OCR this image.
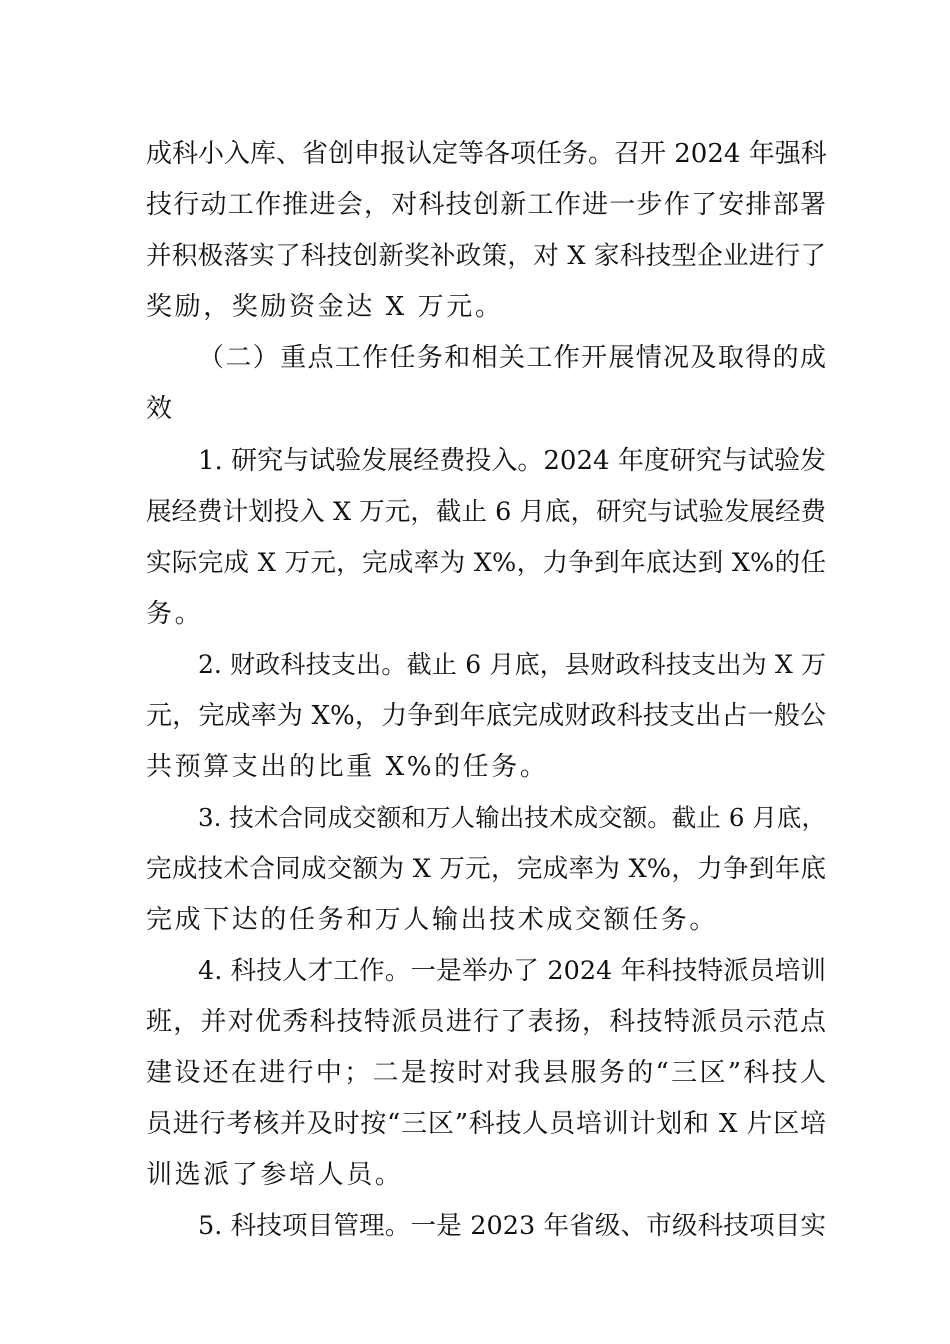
成科小入库、省创申报认定等各项任务。召开 2024 年强科
技行动工作推进会，对科技创新工作进一步作了安排部署
并积极落实了科技创新奖补政策，对 X 家科技型企业进行了
奖励，奖励资金达 X 万元。
（二）重点工作任务和相关工作开展情况及取得的成
效
1. 研究与试验发展经费投入。2024 年度研究与试验发
展经费计划投入 X 万元，截止 6 月底，研究与试验发展经费
实际完成 X 万元，完成率为 X%，力争到年底达到 X%的任
务。
2. 财政科技支出。截止 6 月底，县财政科技支出为 X 万
元，完成率为 X%，力争到年底完成财政科技支出占一般公
共预算支出的比重 X%的任务。
3. 技术合同成交额和万人输出技术成交额。截止 6 月底，
完成技术合同成交额为 X 万元，完成率为 X%，力争到年底
完成下达的任务和万人输出技术成交额任务。
4. 科技人才工作。一是举办了 2024 年科技特派员培训
班，并对优秀科技特派员进行了表扬，科技特派员示范点
建设还在进行中；二是按时对我县服务的“三区”科技人
员进行考核并及时按“三区”科技人员培训计划和 X 片区培
训选派了参培人员。
5. 科技项目管理。一是 2023 年省级、市级科技项目实
